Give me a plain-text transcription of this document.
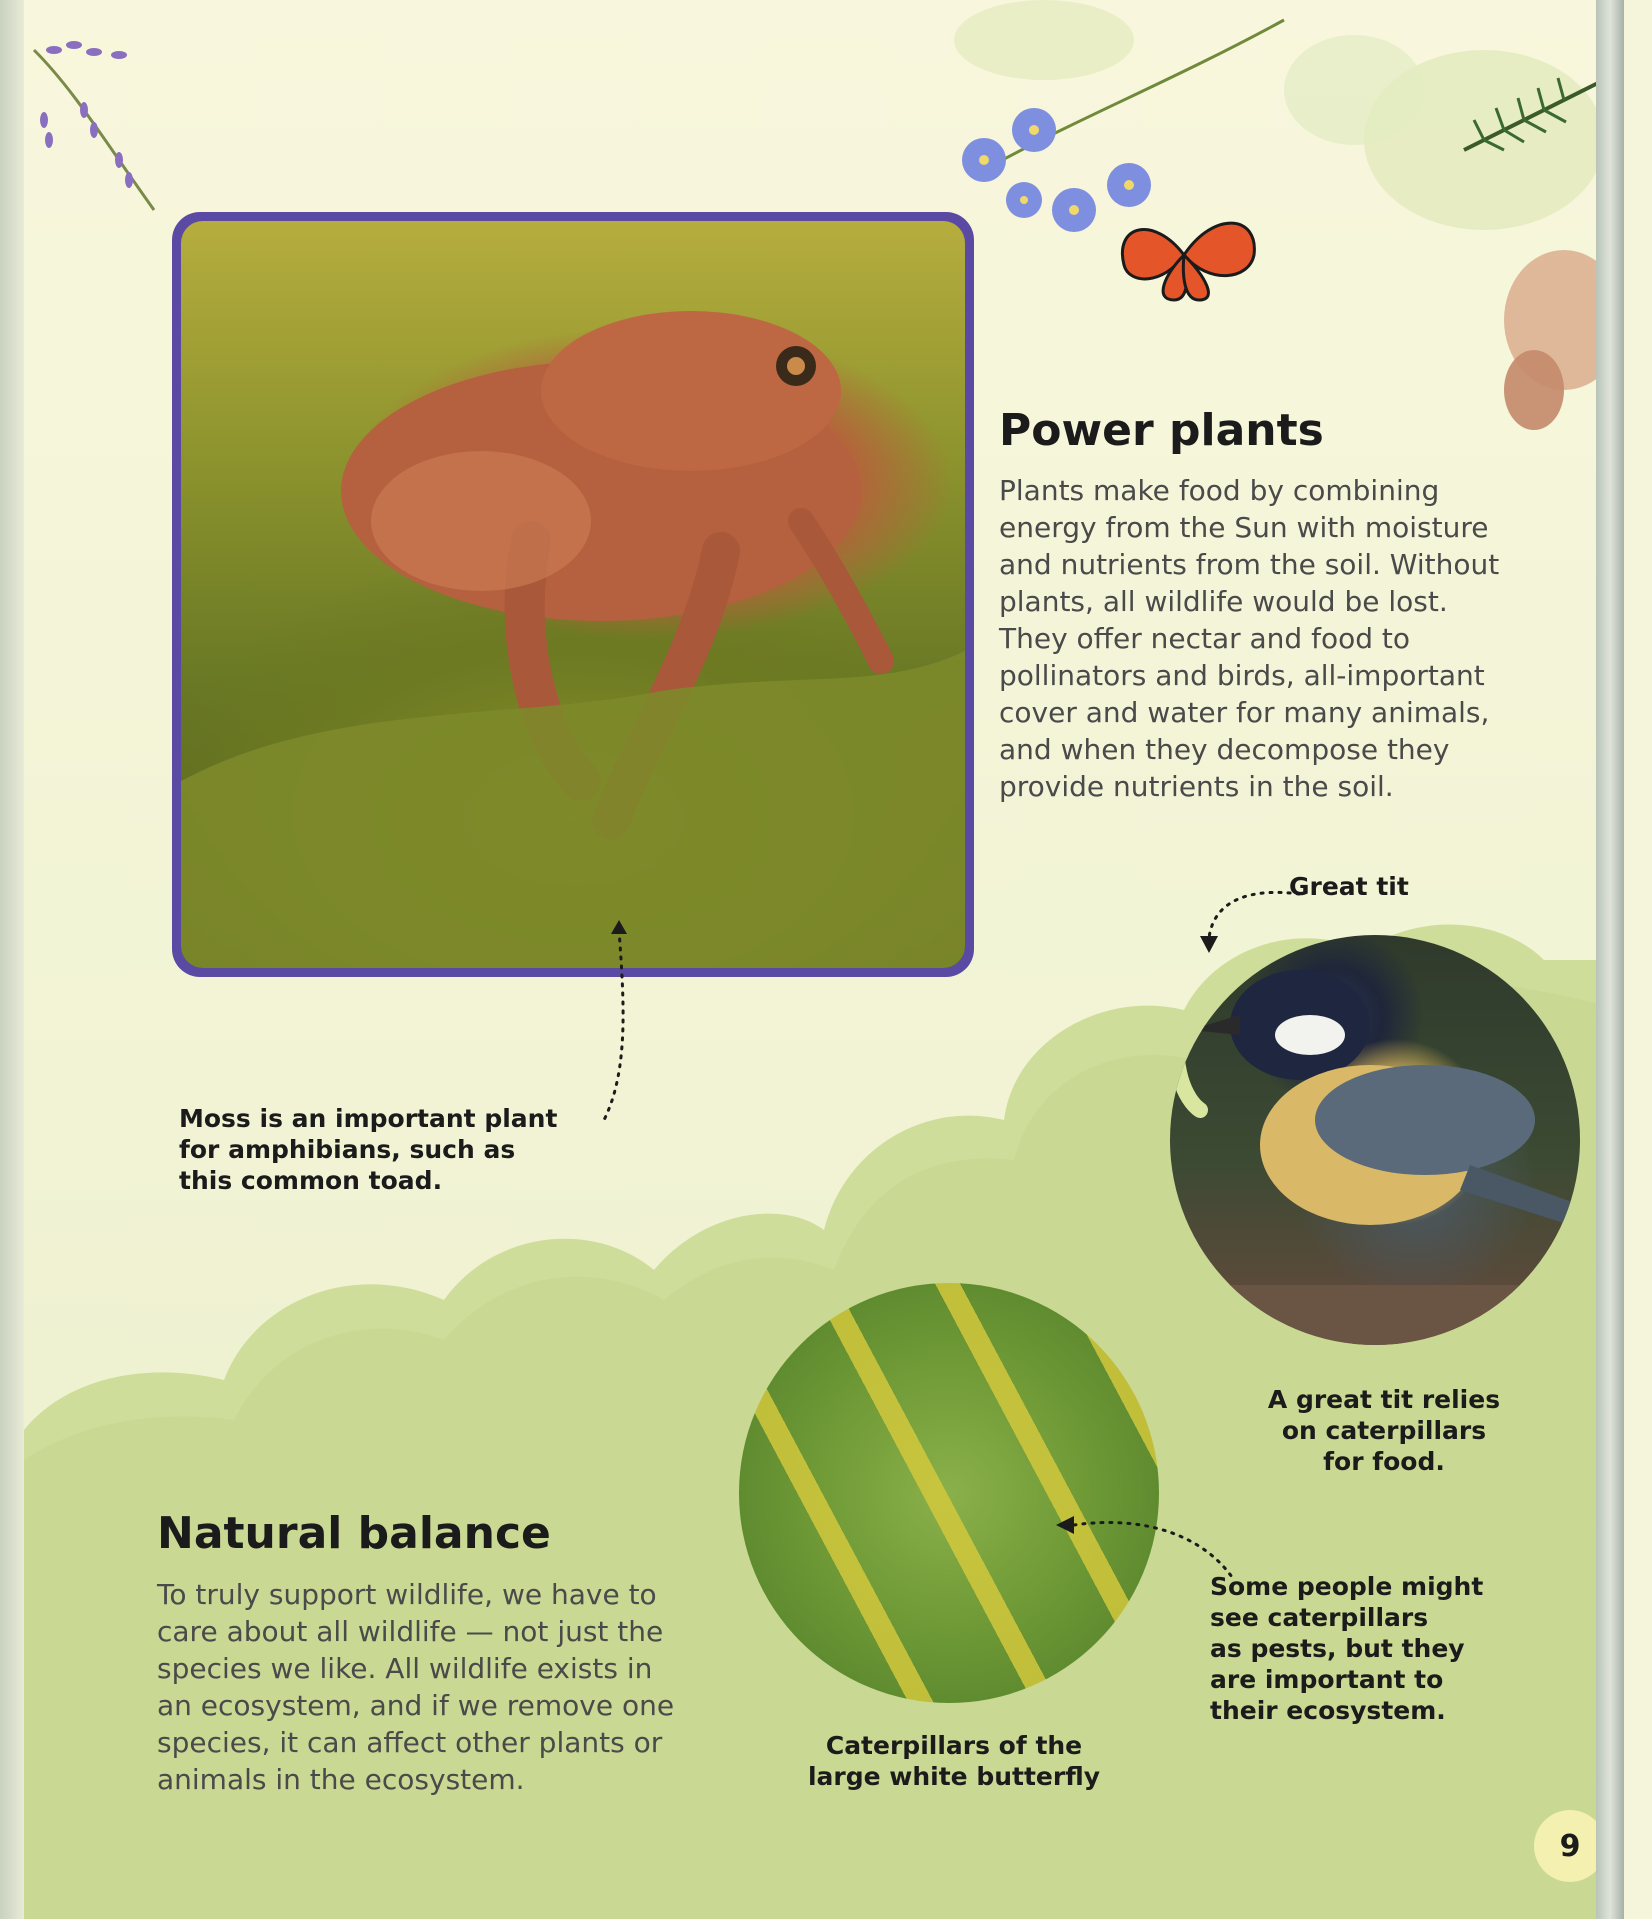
Power plants

Plants make food by combining
energy from the Sun with moisture
and nutrients from the soil. Without
plants, all wildlife would be lost.
They offer nectar and food to
pollinators and birds, all-important
cover and water for many animals,
and when they decompose they
provide nutrients in the soil.

Moss is an important plant
for amphibians, such as
this common toad.

Great tit

A great tit relies
on caterpillars
for food.

Natural balance

To truly support wildlife, we have to
care about all wildlife — not just the
species we like. All wildlife exists in
an ecosystem, and if we remove one
species, it can affect other plants or
animals in the ecosystem.

Caterpillars of the
large white butterfly

Some people might
see caterpillars
as pests, but they
are important to
their ecosystem.

9
